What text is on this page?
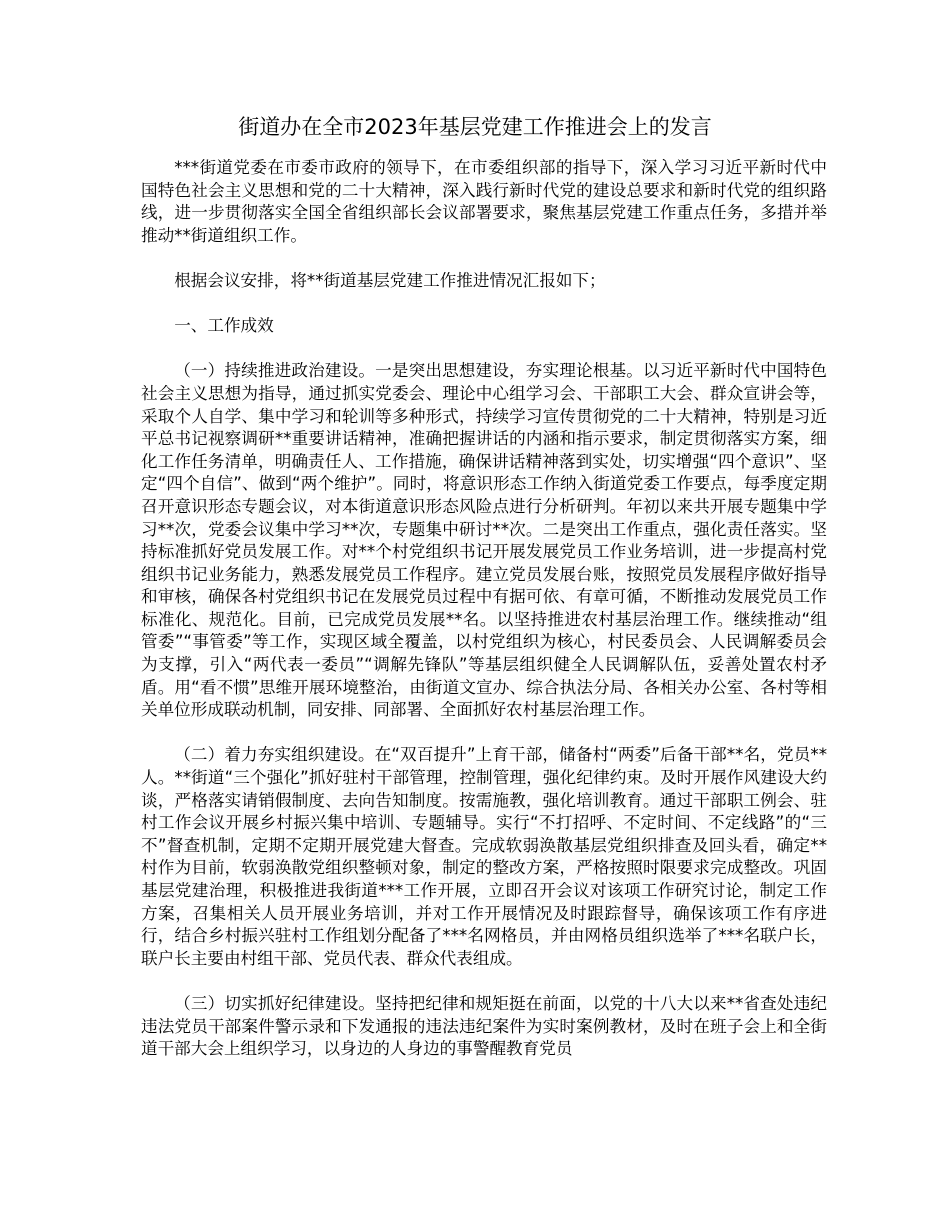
街道办在全市2023年基层党建工作推进会上的发言

***街道党委在市委市政府的领导下，在市委组织部的指导下，深入学习习近平新时代中国特色社会主义思想和党的二十大精神，深入践行新时代党的建设总要求和新时代党的组织路线，进一步贯彻落实全国全省组织部长会议部署要求，聚焦基层党建工作重点任务，多措并举推动**街道组织工作。

根据会议安排，将**街道基层党建工作推进情况汇报如下；

一、工作成效

（一）持续推进政治建设。一是突出思想建设，夯实理论根基。以习近平新时代中国特色社会主义思想为指导，通过抓实党委会、理论中心组学习会、干部职工大会、群众宣讲会等，采取个人自学、集中学习和轮训等多种形式，持续学习宣传贯彻党的二十大精神，特别是习近平总书记视察调研**重要讲话精神，准确把握讲话的内涵和指示要求，制定贯彻落实方案，细化工作任务清单，明确责任人、工作措施，确保讲话精神落到实处，切实增强“四个意识”、坚定“四个自信”、做到“两个维护”。同时，将意识形态工作纳入街道党委工作要点，每季度定期召开意识形态专题会议，对本街道意识形态风险点进行分析研判。年初以来共开展专题集中学习**次，党委会议集中学习**次，专题集中研讨**次。二是突出工作重点，强化责任落实。坚持标准抓好党员发展工作。对**个村党组织书记开展发展党员工作业务培训，进一步提高村党组织书记业务能力，熟悉发展党员工作程序。建立党员发展台账，按照党员发展程序做好指导和审核，确保各村党组织书记在发展党员过程中有据可依、有章可循，不断推动发展党员工作标准化、规范化。目前，已完成党员发展**名。以坚持推进农村基层治理工作。继续推动“组管委”“事管委”等工作，实现区域全覆盖，以村党组织为核心，村民委员会、人民调解委员会为支撑，引入“两代表一委员”“调解先锋队”等基层组织健全人民调解队伍，妥善处置农村矛盾。用“看不惯”思维开展环境整治，由街道文宣办、综合执法分局、各相关办公室、各村等相关单位形成联动机制，同安排、同部署、全面抓好农村基层治理工作。

（二）着力夯实组织建设。在“双百提升”上育干部，储备村“两委”后备干部**名，党员**人。**街道“三个强化”抓好驻村干部管理，控制管理，强化纪律约束。及时开展作风建设大约谈，严格落实请销假制度、去向告知制度。按需施教，强化培训教育。通过干部职工例会、驻村工作会议开展乡村振兴集中培训、专题辅导。实行“不打招呼、不定时间、不定线路”的“三不”督查机制，定期不定期开展党建大督查。完成软弱涣散基层党组织排查及回头看，确定**村作为目前，软弱涣散党组织整顿对象，制定的整改方案，严格按照时限要求完成整改。巩固基层党建治理，积极推进我街道***工作开展，立即召开会议对该项工作研究讨论，制定工作方案，召集相关人员开展业务培训，并对工作开展情况及时跟踪督导，确保该项工作有序进行，结合乡村振兴驻村工作组划分配备了***名网格员，并由网格员组织选举了***名联户长，联户长主要由村组干部、党员代表、群众代表组成。

（三）切实抓好纪律建设。坚持把纪律和规矩挺在前面，以党的十八大以来**省查处违纪违法党员干部案件警示录和下发通报的违法违纪案件为实时案例教材，及时在班子会上和全街道干部大会上组织学习，以身边的人身边的事警醒教育党员
